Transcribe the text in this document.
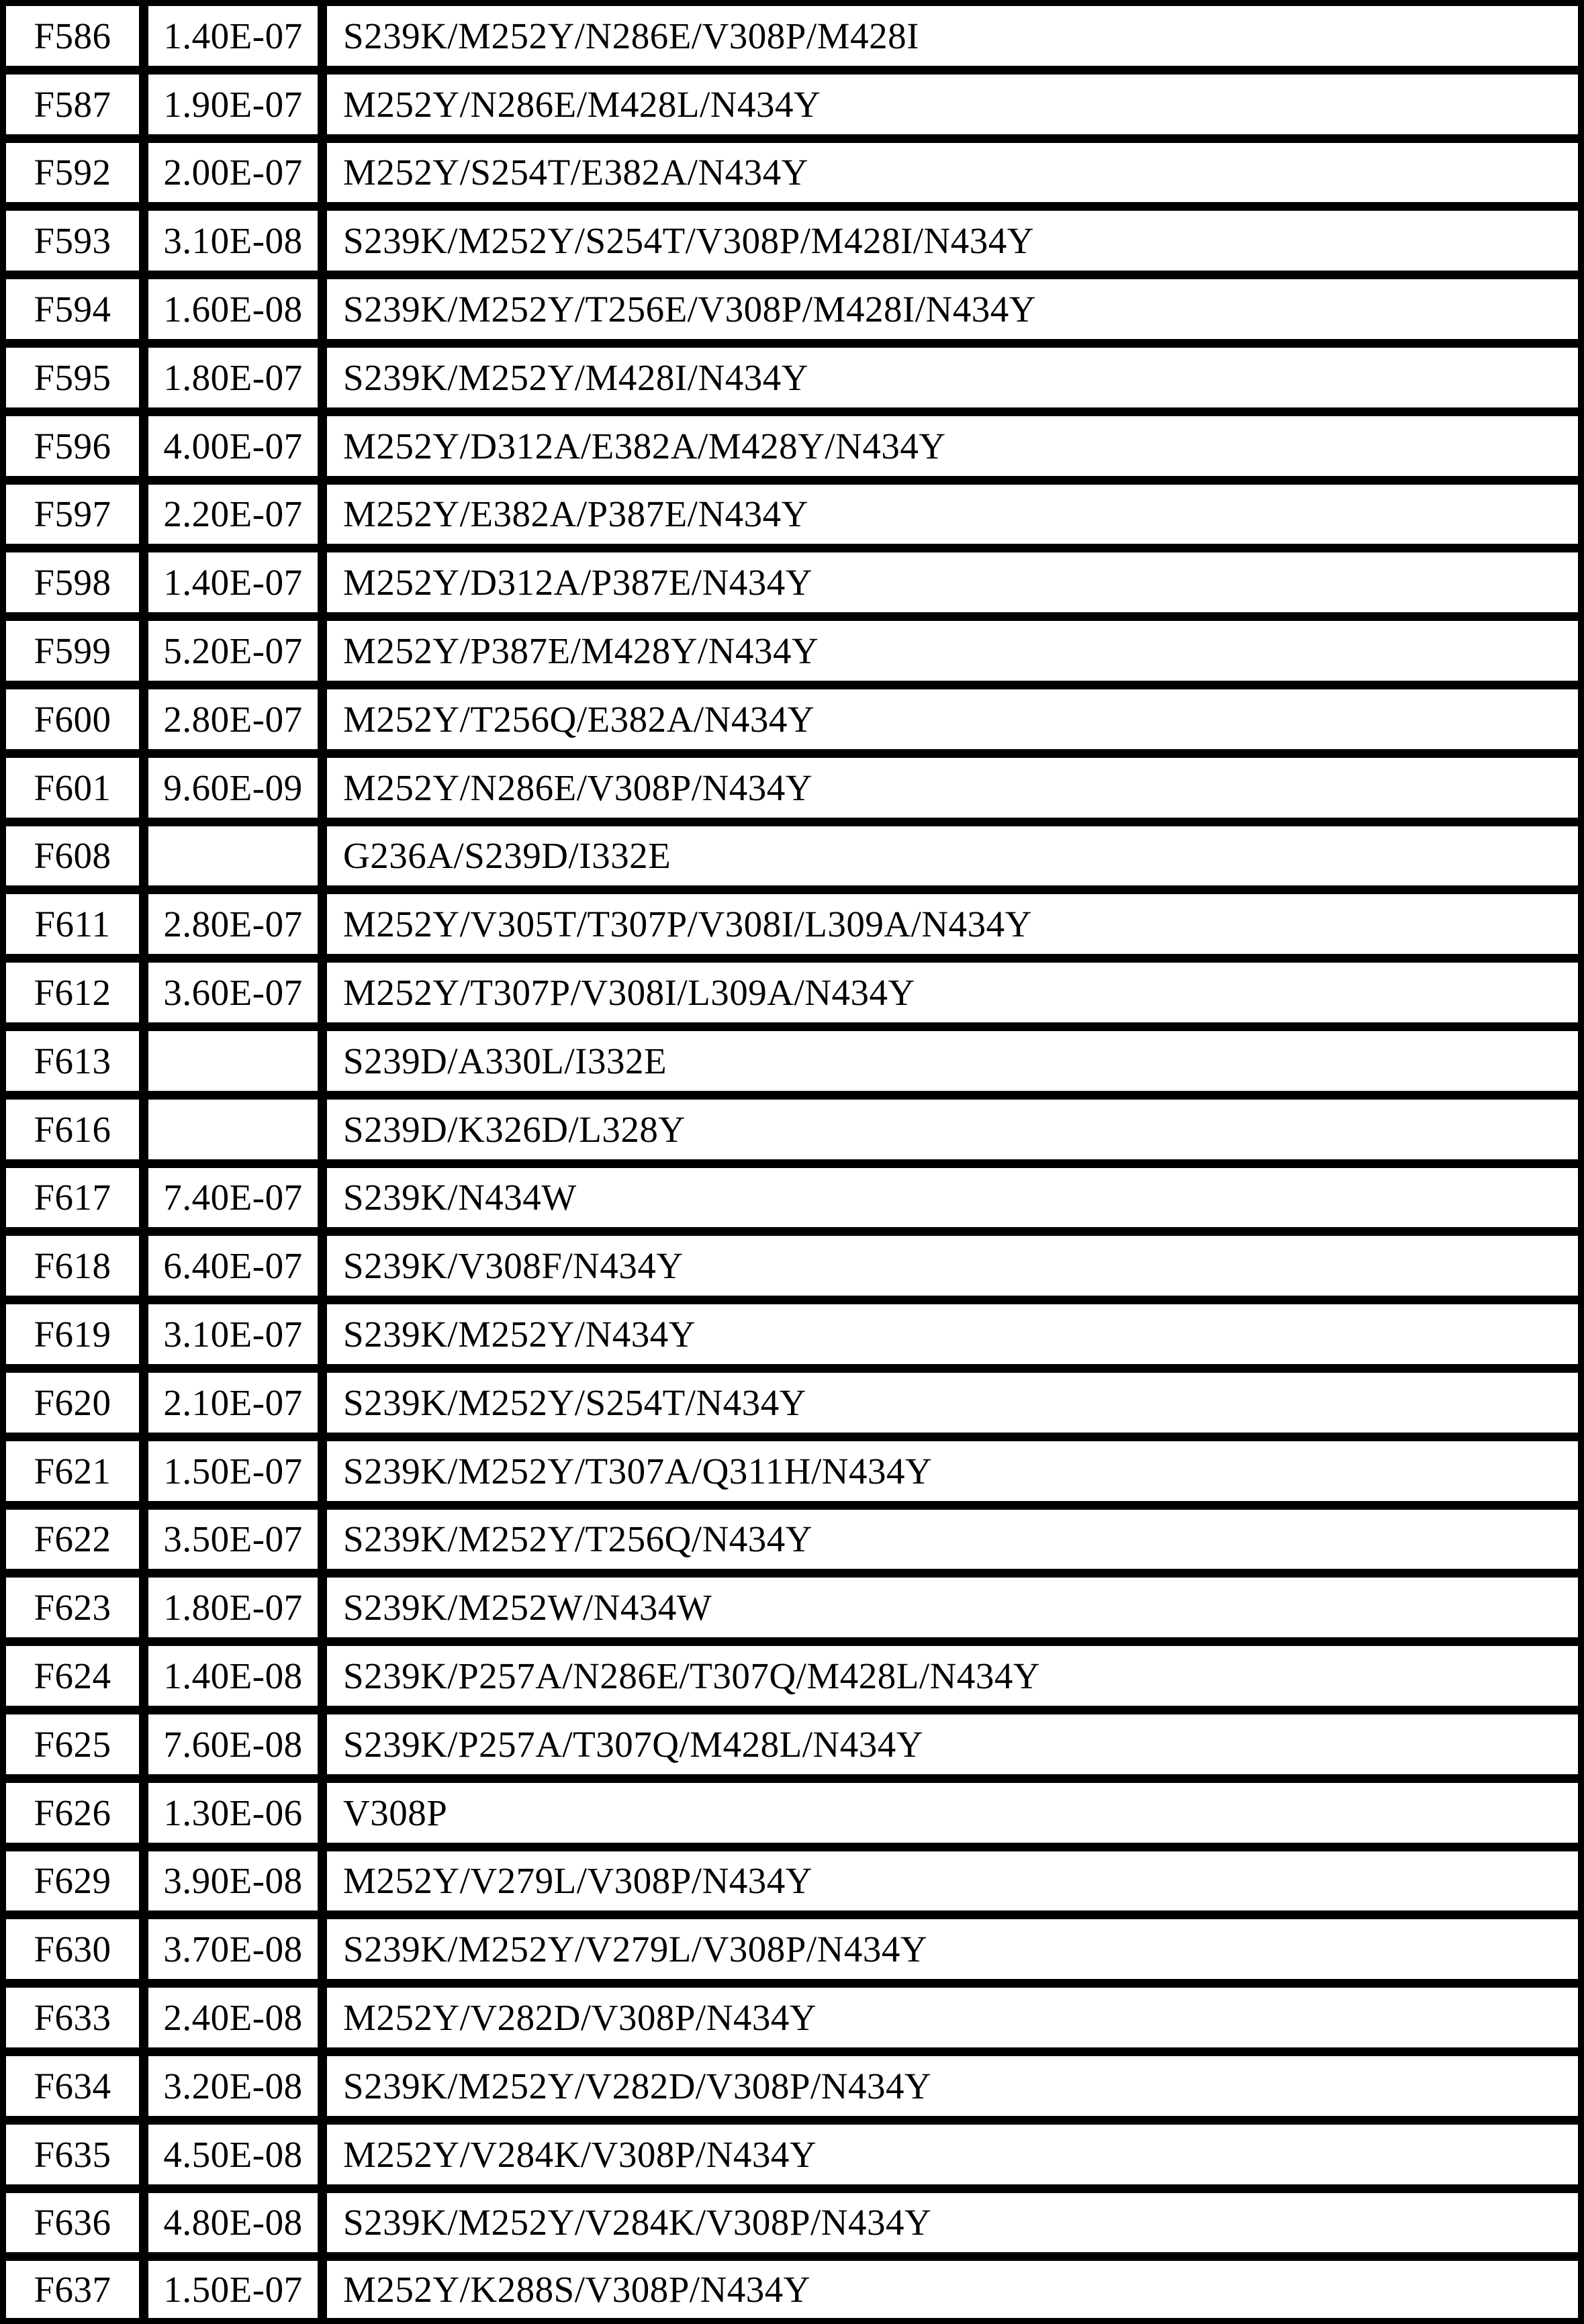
F586	1.40E-07	S239K/M252Y/N286E/V308P/M428I
F587	1.90E-07	M252Y/N286E/M428L/N434Y
F592	2.00E-07	M252Y/S254T/E382A/N434Y
F593	3.10E-08	S239K/M252Y/S254T/V308P/M428I/N434Y
F594	1.60E-08	S239K/M252Y/T256E/V308P/M428I/N434Y
F595	1.80E-07	S239K/M252Y/M428I/N434Y
F596	4.00E-07	M252Y/D312A/E382A/M428Y/N434Y
F597	2.20E-07	M252Y/E382A/P387E/N434Y
F598	1.40E-07	M252Y/D312A/P387E/N434Y
F599	5.20E-07	M252Y/P387E/M428Y/N434Y
F600	2.80E-07	M252Y/T256Q/E382A/N434Y
F601	9.60E-09	M252Y/N286E/V308P/N434Y
F608		G236A/S239D/I332E
F611	2.80E-07	M252Y/V305T/T307P/V308I/L309A/N434Y
F612	3.60E-07	M252Y/T307P/V308I/L309A/N434Y
F613		S239D/A330L/I332E
F616		S239D/K326D/L328Y
F617	7.40E-07	S239K/N434W
F618	6.40E-07	S239K/V308F/N434Y
F619	3.10E-07	S239K/M252Y/N434Y
F620	2.10E-07	S239K/M252Y/S254T/N434Y
F621	1.50E-07	S239K/M252Y/T307A/Q311H/N434Y
F622	3.50E-07	S239K/M252Y/T256Q/N434Y
F623	1.80E-07	S239K/M252W/N434W
F624	1.40E-08	S239K/P257A/N286E/T307Q/M428L/N434Y
F625	7.60E-08	S239K/P257A/T307Q/M428L/N434Y
F626	1.30E-06	V308P
F629	3.90E-08	M252Y/V279L/V308P/N434Y
F630	3.70E-08	S239K/M252Y/V279L/V308P/N434Y
F633	2.40E-08	M252Y/V282D/V308P/N434Y
F634	3.20E-08	S239K/M252Y/V282D/V308P/N434Y
F635	4.50E-08	M252Y/V284K/V308P/N434Y
F636	4.80E-08	S239K/M252Y/V284K/V308P/N434Y
F637	1.50E-07	M252Y/K288S/V308P/N434Y
